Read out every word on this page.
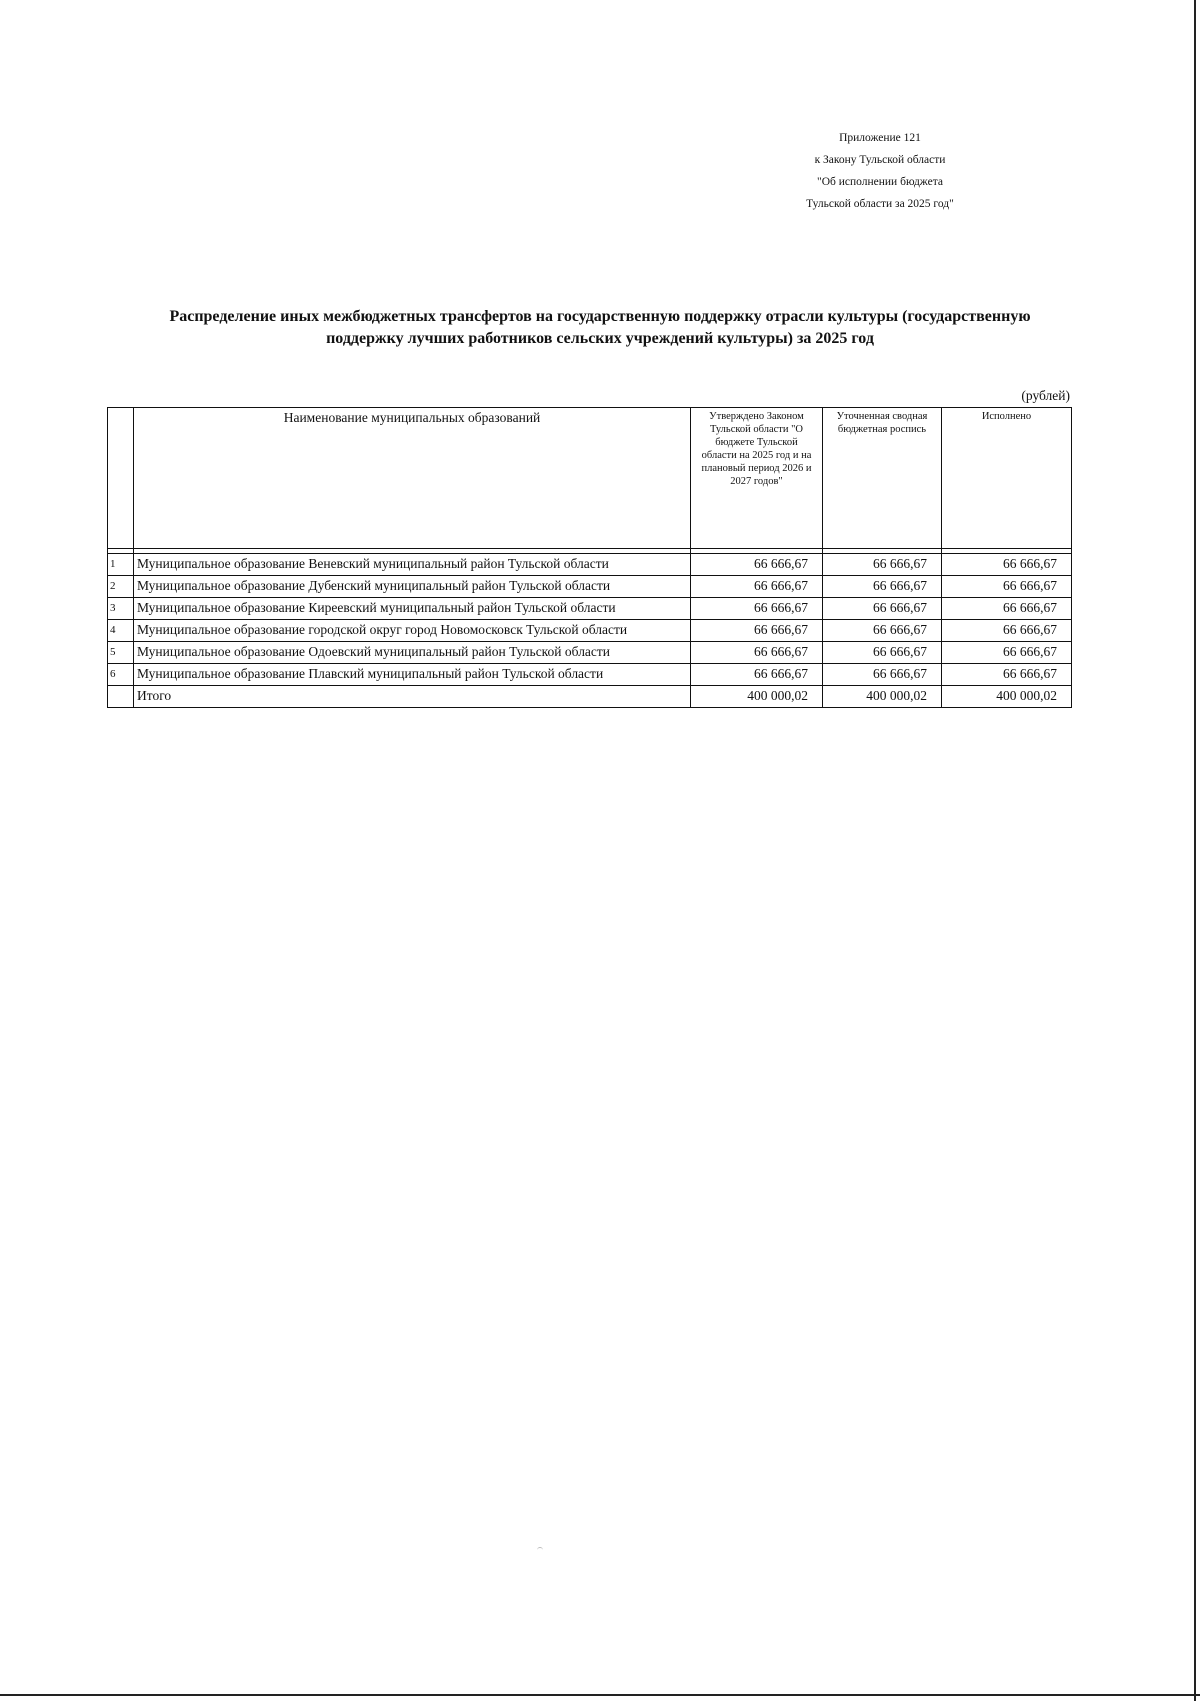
Приложение 121
к Закону Тульской области
"Об исполнении бюджета
Тульской области за 2025 год"
Распределение иных межбюджетных трансфертов на государственную поддержку отрасли культуры (государственную
поддержку лучших работников сельских учреждений культуры) за 2025 год
(рублей)
	Наименование муниципальных образований	Утверждено Законом Тульской области "О бюджете Тульской области на 2025 год и на плановый период 2026 и 2027 годов"	Уточненная сводная бюджетная роспись	Исполнено

1	Муниципальное образование Веневский муниципальный район Тульской области	66 666,67	66 666,67	66 666,67
2	Муниципальное образование Дубенский муниципальный район Тульской области	66 666,67	66 666,67	66 666,67
3	Муниципальное образование Киреевский муниципальный район Тульской области	66 666,67	66 666,67	66 666,67
4	Муниципальное образование городской округ город Новомосковск Тульской области	66 666,67	66 666,67	66 666,67
5	Муниципальное образование Одоевский муниципальный район Тульской области	66 666,67	66 666,67	66 666,67
6	Муниципальное образование Плавский муниципальный район Тульской области	66 666,67	66 666,67	66 666,67
	Итого	400 000,02	400 000,02	400 000,02
